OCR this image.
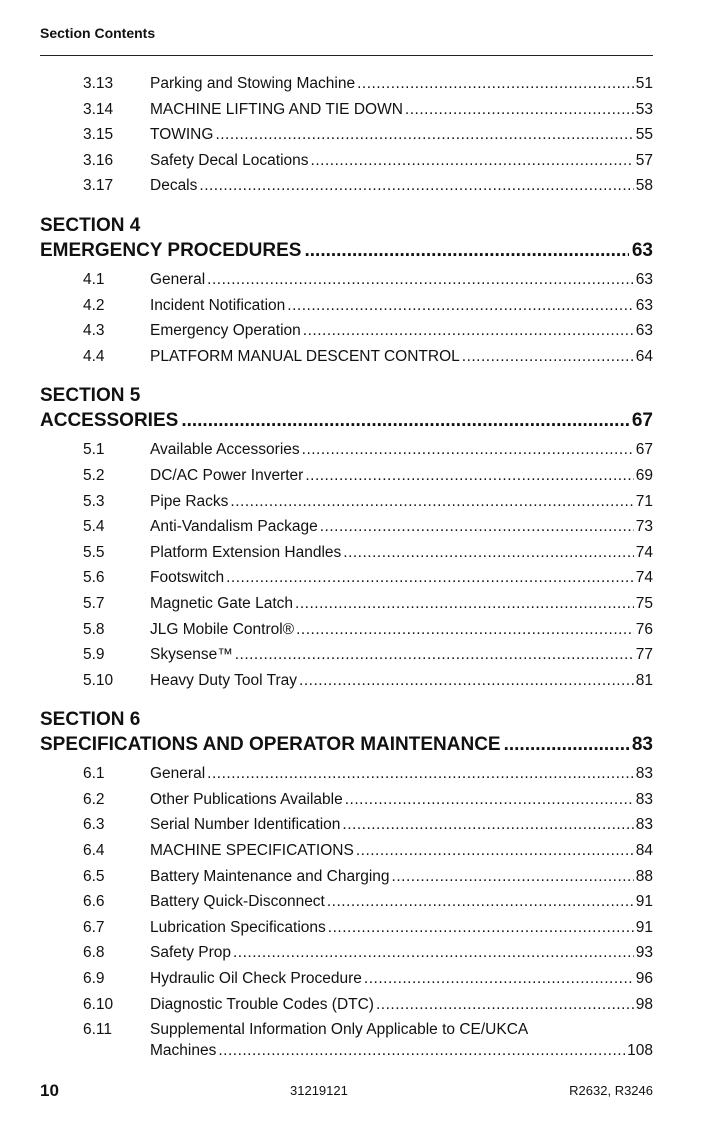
Section Contents
3.13 Parking and Stowing Machine .....	51
3.14 MACHINE LIFTING AND TIE DOWN .....	53
3.15 TOWING .....	55
3.16 Safety Decal Locations .....	57
3.17 Decals .....	58
SECTION 4
EMERGENCY PROCEDURES .....	63
4.1	General .....	63
4.2	Incident Notification .....	63
4.3	Emergency Operation .....	63
4.4	PLATFORM MANUAL DESCENT CONTROL .....	64
SECTION 5
ACCESSORIES .....	67
5.1	Available Accessories .....	67
5.2	DC/AC Power Inverter .....	69
5.3	Pipe Racks .....	71
5.4	Anti-Vandalism Package .....	73
5.5	Platform Extension Handles .....	74
5.6	Footswitch .....	74
5.7	Magnetic Gate Latch .....	75
5.8	JLG Mobile Control® .....	76
5.9	Skysense™ .....	77
5.10 Heavy Duty Tool Tray .....	81
SECTION 6
SPECIFICATIONS AND OPERATOR MAINTENANCE .....	83
6.1	General .....	83
6.2	Other Publications Available .....	83
6.3	Serial Number Identification .....	83
6.4	MACHINE SPECIFICATIONS .....	84
6.5	Battery Maintenance and Charging .....	88
6.6	Battery Quick-Disconnect .....	91
6.7	Lubrication Specifications .....	91
6.8	Safety Prop .....	93
6.9	Hydraulic Oil Check Procedure .....	96
6.10 Diagnostic Trouble Codes (DTC) .....	98
6.11 Supplemental Information Only Applicable to CE/UKCA
Machines .....	108
10	31219121	R2632, R3246
